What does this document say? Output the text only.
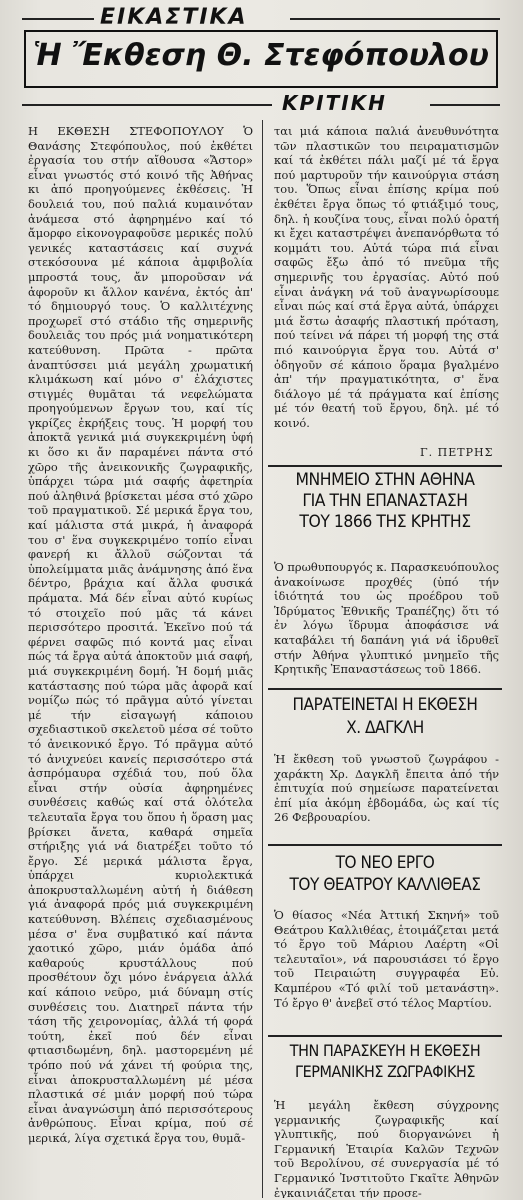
ΕΙΚΑΣΤΙΚΑ
Ἡ Ἔκθεση Θ. Στεφόπουλου
ΚΡΙΤΙΚΗ

Η ΕΚΘΕΣΗ ΣΤΕΦΟΠΟΥΛΟΥ Ὁ Θανάσης Στεφόπουλος, πού ἐκθέτει ἐργασία του στήν αἴθουσα «Ἄστορ» εἶναι γνωστός στό κοινό τῆς Ἀθήνας κι ἀπό προηγούμενες ἐκθέσεις. Ἡ δουλειά του, πού παλιά κυμαινόταν ἀνάμεσα στό ἀφηρημένο καί τό ἄμορφο εἰκονογραφοῦσε μερικές πολύ γενικές καταστάσεις καί συχνά στεκόσουνα μέ κάποια ἀμφιβολία μπροστά τους, ἄν μποροῦσαν νά ἀφοροῦν κι ἄλλον κανένα, ἐκτός ἀπ' τό δημιουργό τους. Ὁ καλλιτέχνης προχωρεῖ στό στάδιο τῆς σημερινῆς δουλειᾶς του πρός μιά νοηματικότερη κατεύθυνση. Πρῶτα - πρῶτα ἀναπτύσσει μιά μεγάλη χρωματική κλιμάκωση καί μόνο σ' ἐλάχιστες στιγμές θυμᾶται τά νεφελώματα προηγούμενων ἔργων του, καί τίς γκρίζες ἐκρήξεις τους. Ἡ μορφή του ἀποκτᾶ γενικά μιά συγκεκριμένη ὑφή κι ὅσο κι ἄν παραμένει πάντα στό χῶρο τῆς ἀνεικονικῆς ζωγραφικῆς, ὑπάρχει τώρα μιά σαφής ἀφετηρία πού ἀληθινά βρίσκεται μέσα στό χῶρο τοῦ πραγματικοῦ. Σέ μερικά ἔργα του, καί μάλιστα στά μικρά, ἡ ἀναφορά του σ' ἕνα συγκεκριμένο τοπίο εἶναι φανερή κι ἄλλοῦ σώζονται τά ὑπολείμματα μιᾶς ἀνάμνησης ἀπό ἕνα δέντρο, βράχια καί ἄλλα φυσικά πράματα. Μά δέν εἶναι αὐτό κυρίως τό στοιχεῖο πού μᾶς τά κάνει περισσότερο προσιτά. Ἐκεῖνο πού τά φέρνει σαφῶς πιό κοντά μας εἶναι πώς τά ἔργα αὐτά ἀποκτοῦν μιά σαφή, μιά συγκεκριμένη δομή. Ἡ δομή μιᾶς κατάστασης πού τώρα μᾶς ἀφορᾶ καί νομίζω πώς τό πρᾶγμα αὐτό γίνεται μέ τήν εἰσαγωγή κάποιου σχεδιαστικοῦ σκελετοῦ μέσα σέ τοῦτο τό ἀνεικονικό ἔργο. Τό πρᾶγμα αὐτό τό ἀνιχνεύει κανείς περισσότερο στά ἀσπρόμαυρα σχέδιά του, πού ὅλα εἶναι στήν οὐσία ἀφηρημένες συνθέσεις καθώς καί στά ὁλότελα τελευταῖα ἔργα του ὅπου ἡ ὅραση μας βρίσκει ἄνετα, καθαρά σημεῖα στήριξης γιά νά διατρέξει τοῦτο τό ἔργο. Σέ μερικά μάλιστα ἔργα, ὑπάρχει κυριολεκτικά ἀποκρυσταλλωμένη αὐτή ἡ διάθεση γιά ἀναφορά πρός μιά συγκεκριμένη κατεύθυνση. Βλέπεις σχεδιασμένους μέσα σ' ἕνα συμβατικό καί πάντα χαοτικό χῶρο, μιάν ὁμάδα ἀπό καθαρούς κρυστάλλους πού προσθέτουν ὄχι μόνο ἐνάργεια ἀλλά καί κάποιο νεῦρο, μιά δύναμη στίς συνθέσεις του. Διατηρεῖ πάντα τήν τάση τῆς χειρονομίας, ἀλλά τή φορά τούτη, ἐκεῖ πού δέν εἶναι φτιασιδωμένη, δηλ. μαστορεμένη μέ τρόπο πού νά χάνει τή φούρια της, εἶναι ἀποκρυσταλλωμένη μέ μέσα πλαστικά σέ μιάν μορφή πού τώρα εἶναι ἀναγνώσιμη ἀπό περισσότερους ἀνθρώπους. Εἶναι κρίμα, πού σέ μερικά, λίγα σχετικά ἔργα του, θυμᾶ-

ται μιά κάποια παλιά ἀνευθυνότητα τῶν πλαστικῶν του πειραματισμῶν καί τά ἐκθέτει πάλι μαζί μέ τά ἔργα πού μαρτυροῦν τήν καινούργια στάση του. Ὅπως εἶναι ἐπίσης κρίμα πού ἐκθέτει ἔργα ὅπως τό φτιάξιμό τους, δηλ. ἡ κουζίνα τους, εἶναι πολύ ὁρατή κι ἔχει καταστρέψει ἀνεπανόρθωτα τό κομμάτι του. Αὐτά τώρα πιά εἶναι σαφῶς ἔξω ἀπό τό πνεῦμα τῆς σημερινῆς του ἐργασίας. Αὐτό πού εἶναι ἀνάγκη νά τοῦ ἀναγνωρίσουμε εἶναι πώς καί στά ἔργα αὐτά, ὑπάρχει μιά ἔστω ἀσαφής πλαστική πρόταση, πού τείνει νά πάρει τή μορφή της στά πιό καινούργια ἔργα του. Αὐτά σ' ὁδηγοῦν σέ κάποιο ὅραμα βγαλμένο ἀπ' τήν πραγματικότητα, σ' ἕνα διάλογο μέ τά πράγματα καί ἐπίσης μέ τόν θεατή τοῦ ἔργου, δηλ. μέ τό κοινό.

Γ. ΠΕΤΡΗΣ
ΜΝΗΜΕΙΟ ΣΤΗΝ ΑΘΗΝΑ
ΓΙΑ ΤΗΝ ΕΠΑΝΑΣΤΑΣΗ
ΤΟΥ 1866 ΤΗΣ ΚΡΗΤΗΣ

Ὁ πρωθυπουργός κ. Παρασκευόπουλος ἀνακοίνωσε προχθές (ὑπό τήν ἰδιότητά του ὡς προέδρου τοῦ Ἱδρύματος Ἐθνικῆς Τραπέζης) ὅτι τό ἐν λόγω ἵδρυμα ἀποφάσισε νά καταβάλει τή δαπάνη γιά νά ἱδρυθεῖ στήν Ἀθήνα γλυπτικό μνημεῖο τῆς Κρητικῆς Ἐπαναστάσεως τοῦ 1866.

ΠΑΡΑΤΕΙΝΕΤΑΙ Η ΕΚΘΕΣΗ
Χ. ΔΑΓΚΛΗ

Ἡ ἔκθεση τοῦ γνωστοῦ ζωγράφου - χαράκτη Χρ. Δαγκλῆ ἔπειτα ἀπό τήν ἐπιτυχία πού σημείωσε παρατείνεται ἐπί μία ἀκόμη ἑβδομάδα, ὡς καί τίς 26 Φεβρουαρίου.

ΤΟ ΝΕΟ ΕΡΓΟ
ΤΟΥ ΘΕΑΤΡΟΥ ΚΑΛΛΙΘΕΑΣ

Ὁ θίασος «Νέα Ἀττική Σκηνή» τοῦ Θεάτρου Καλλιθέας, ἑτοιμάζεται μετά τό ἔργο τοῦ Μάριου Λαέρτη «Οἱ τελευταῖοι», νά παρουσιάσει τό ἔργο τοῦ Πειραιώτη συγγραφέα Εὐ. Καμπέρου «Τό φιλί τοῦ μετανάστη». Τό ἔργο θ' ἀνεβεῖ στό τέλος Μαρτίου.

ΤΗΝ ΠΑΡΑΣΚΕΥΗ Η ΕΚΘΕΣΗ
ΓΕΡΜΑΝΙΚΗΣ ΖΩΓΡΑΦΙΚΗΣ

Ἡ μεγάλη ἔκθεση σύγχρονης γερμανικής ζωγραφικῆς καί γλυπτικῆς, πού διοργανώνει ἡ Γερμανική Ἑταιρία Καλῶν Τεχνῶν τοῦ Βερολίνου, σέ συνεργασία μέ τό Γερμανικό Ἰνστιτοῦτο Γκαῖτε Ἀθηνῶν ἐγκαινιάζεται τήν προσε-
